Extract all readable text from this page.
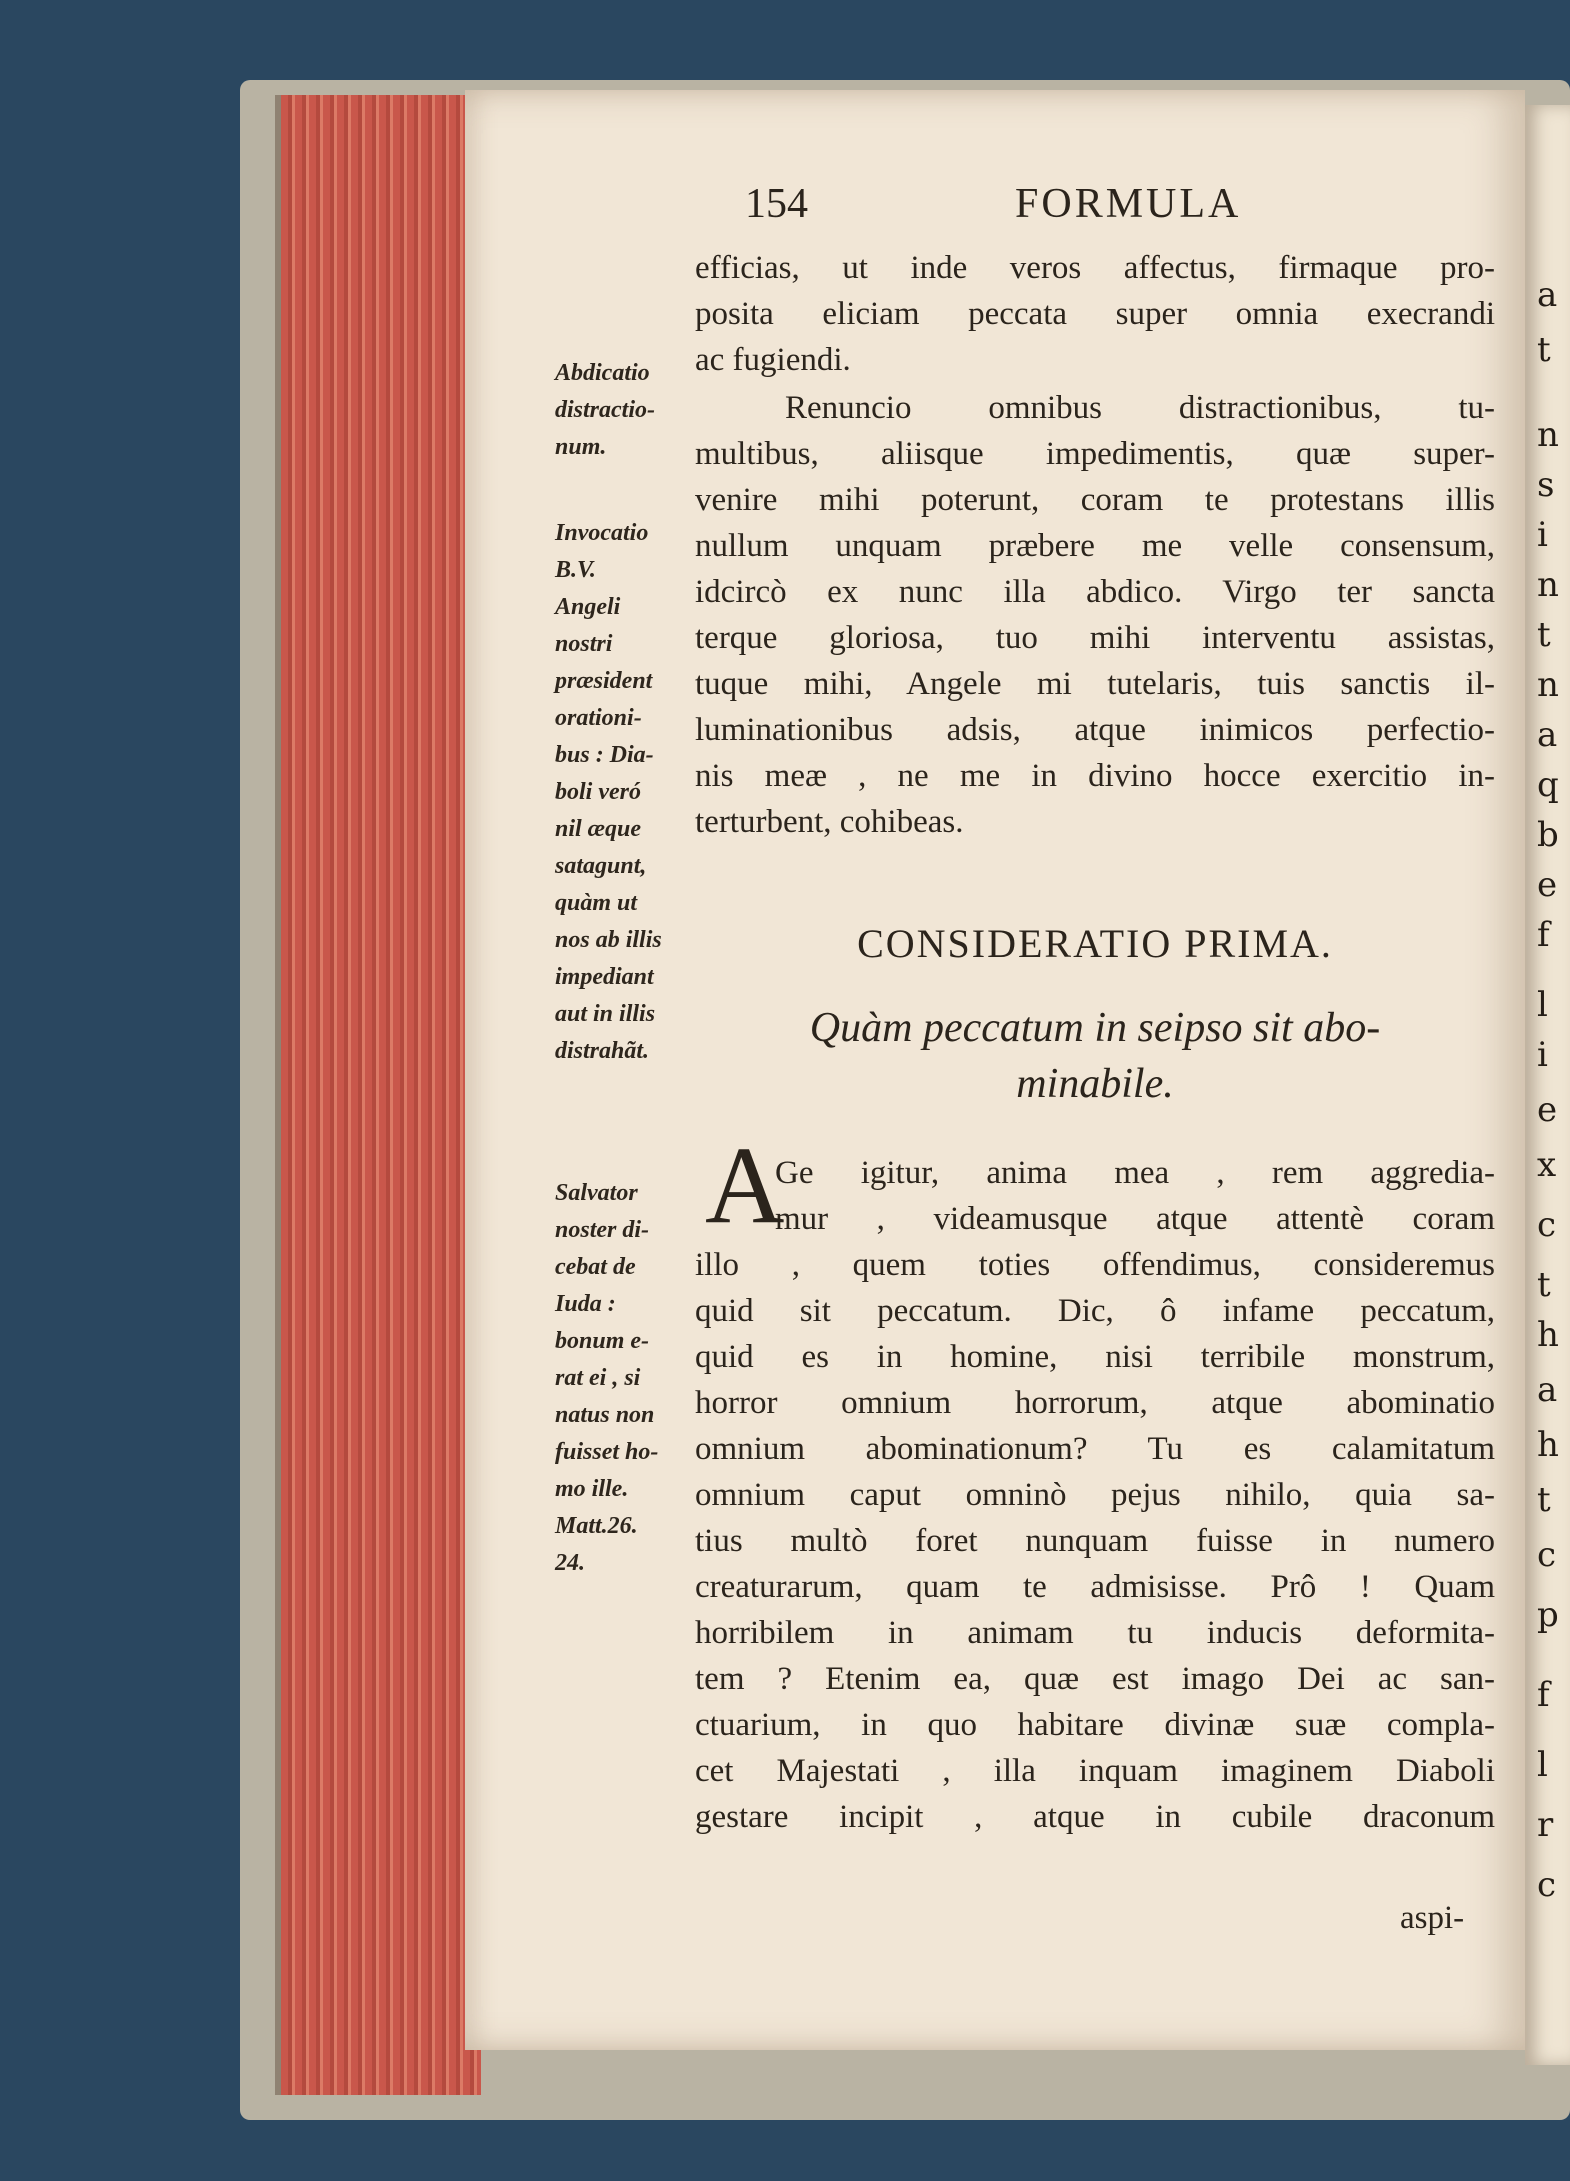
a
t
n
s
i
n
t
n
a
q
b
e
f
l
i
e
x
c
t
h
a
h
t
c
p
f
l
r
c
154	FORMULA
efficias, ut inde veros affectus, firmaque pro-
posita eliciam peccata super omnia execrandi
ac fugiendi.
Renuncio omnibus distractionibus, tu-
multibus, aliisque impedimentis, quæ super-
venire mihi poterunt, coram te protestans illis
nullum unquam præbere me velle consensum,
idcircò ex nunc illa abdico. Virgo ter sancta
terque gloriosa, tuo mihi interventu assistas,
tuque mihi, Angele mi tutelaris, tuis sanctis il-
luminationibus adsis, atque inimicos perfectio-
nis meæ , ne me in divino hocce exercitio in-
terturbent, cohibeas.
Abdicatio
distractio-
num.
Invocatio
B.V.
Angeli
nostri
præsident
orationi-
bus : Dia-
boli veró
nil æque
satagunt,
quàm ut
nos ab illis
impediant
aut in illis
distrahãt.
CONSIDERATIO PRIMA.
Quàm peccatum in seipso sit abo-
minabile.
A
Ge igitur, anima mea , rem aggredia-
mur , videamusque atque attentè coram
illo , quem toties offendimus, consideremus
quid sit peccatum. Dic, ô infame peccatum,
quid es in homine, nisi terribile monstrum,
horror omnium horrorum, atque abominatio
omnium abominationum? Tu es calamitatum
omnium caput omninò pejus nihilo, quia sa-
tius multò foret nunquam fuisse in numero
creaturarum, quam te admisisse. Prô ! Quam
horribilem in animam tu inducis deformita-
tem ? Etenim ea, quæ est imago Dei ac san-
ctuarium, in quo habitare divinæ suæ compla-
cet Majestati , illa inquam imaginem Diaboli
gestare incipit , atque in cubile draconum
Salvator
noster di-
cebat de
Iuda :
bonum e-
rat ei , si
natus non
fuisset ho-
mo ille.
Matt.26.
24.
aspi-
